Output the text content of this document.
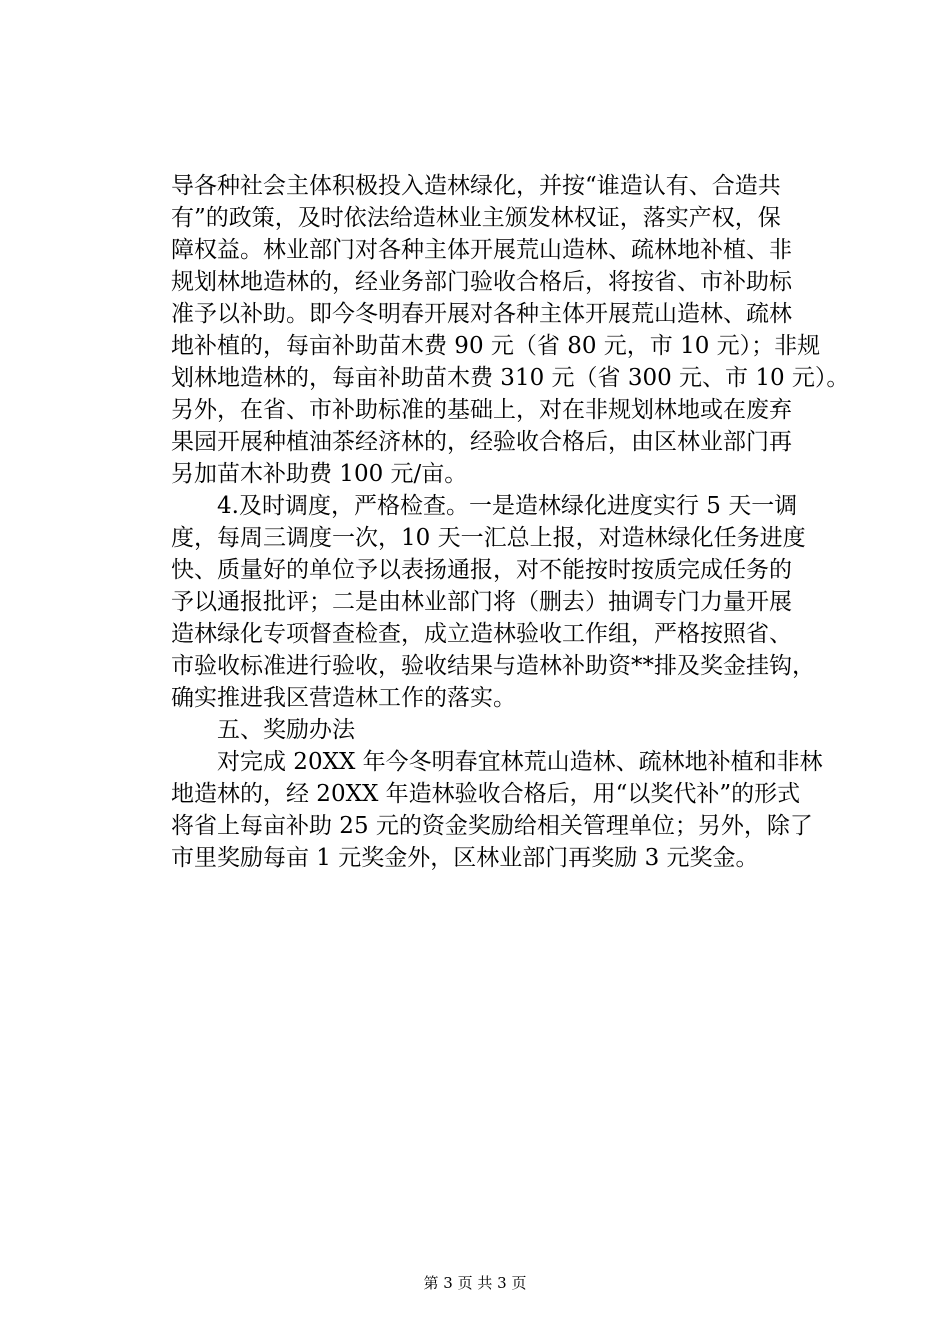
导各种社会主体积极投入造林绿化，并按“谁造认有、合造共
有”的政策，及时依法给造林业主颁发林权证，落实产权，保
障权益。林业部门对各种主体开展荒山造林、疏林地补植、非
规划林地造林的，经业务部门验收合格后，将按省、市补助标
准予以补助。即今冬明春开展对各种主体开展荒山造林、疏林
地补植的，每亩补助苗木费 90 元（省 80 元，市 10 元）；非规
划林地造林的，每亩补助苗木费 310 元（省 300 元、市 10 元）。
另外，在省、市补助标准的基础上，对在非规划林地或在废弃
果园开展种植油茶经济林的，经验收合格后，由区林业部门再
另加苗木补助费 100 元/亩。
4.及时调度，严格检查。一是造林绿化进度实行 5 天一调
度，每周三调度一次，10 天一汇总上报，对造林绿化任务进度
快、质量好的单位予以表扬通报，对不能按时按质完成任务的
予以通报批评；二是由林业部门将（删去）抽调专门力量开展
造林绿化专项督查检查，成立造林验收工作组，严格按照省、
市验收标准进行验收，验收结果与造林补助资**排及奖金挂钩，
确实推进我区营造林工作的落实。
五、奖励办法
对完成 20XX 年今冬明春宜林荒山造林、疏林地补植和非林
地造林的，经 20XX 年造林验收合格后，用“以奖代补”的形式
将省上每亩补助 25 元的资金奖励给相关管理单位；另外，除了
市里奖励每亩 1 元奖金外，区林业部门再奖励 3 元奖金。
第 3 页 共 3 页
